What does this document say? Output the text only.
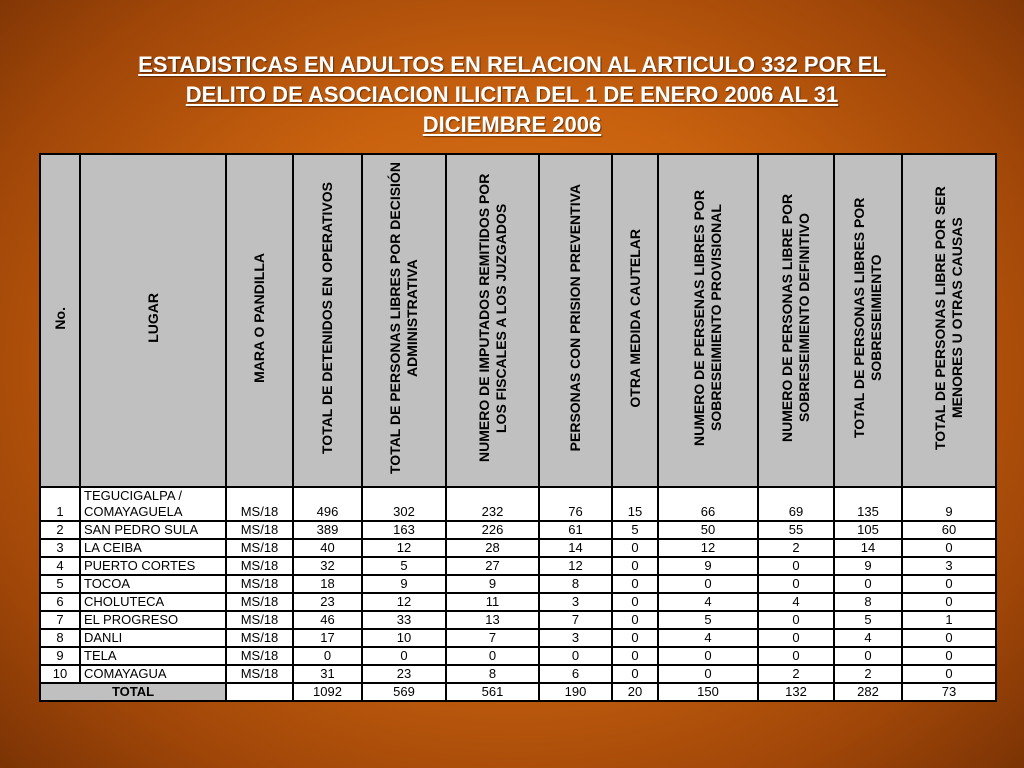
ESTADISTICAS EN ADULTOS EN RELACION AL ARTICULO 332 POR EL
DELITO DE ASOCIACION ILICITA DEL 1 DE ENERO 2006 AL 31
DICIEMBRE 2006
No.	LUGAR	MARA O PANDILLA	TOTAL DE DETENIDOS EN OPERATIVOS	TOTAL DE PERSONAS LIBRES POR DECISIÓN ADMINISTRATIVA	NUMERO DE IMPUTADOS REMITIDOS POR LOS FISCALES A LOS JUZGADOS	PERSONAS CON PRISION PREVENTIVA	OTRA MEDIDA CAUTELAR	NUMERO DE PERSENAS LIBRES POR SOBRESEIMIENTO PROVISIONAL	NUMERO DE PERSONAS LIBRE POR SOBRESEIMIENTO DEFINITIVO	TOTAL DE PERSONAS LIBRES POR SOBRESEIMIENTO	TOTAL DE PERSONAS LIBRE POR SER MENORES U OTRAS CAUSAS
1	TEGUCIGALPA / COMAYAGUELA	MS/18	496	302	232	76	15	66	69	135	9
2	SAN PEDRO SULA	MS/18	389	163	226	61	5	50	55	105	60
3	LA CEIBA	MS/18	40	12	28	14	0	12	2	14	0
4	PUERTO CORTES	MS/18	32	5	27	12	0	9	0	9	3
5	TOCOA	MS/18	18	9	9	8	0	0	0	0	0
6	CHOLUTECA	MS/18	23	12	11	3	0	4	4	8	0
7	EL PROGRESO	MS/18	46	33	13	7	0	5	0	5	1
8	DANLI	MS/18	17	10	7	3	0	4	0	4	0
9	TELA	MS/18	0	0	0	0	0	0	0	0	0
10	COMAYAGUA	MS/18	31	23	8	6	0	0	2	2	0
TOTAL			1092	569	561	190	20	150	132	282	73
